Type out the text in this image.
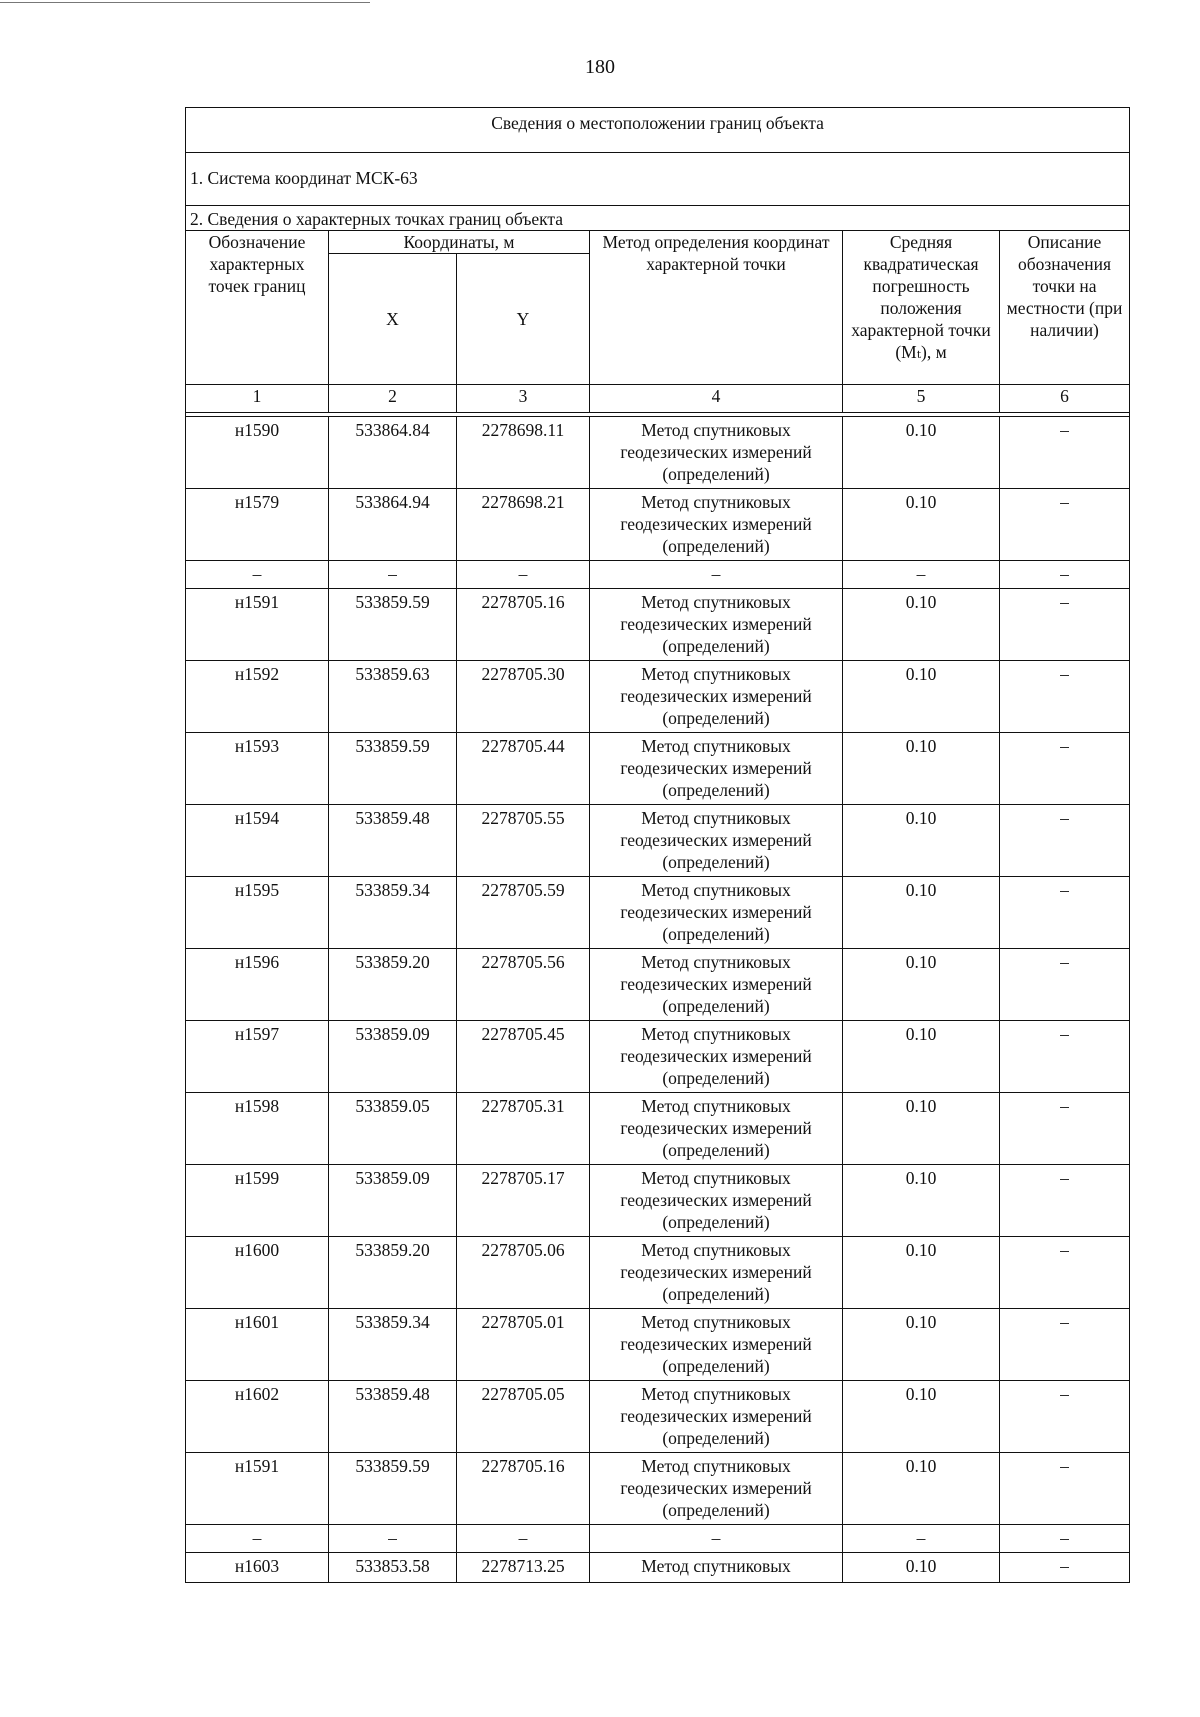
180
Сведения о местоположении границ объекта					
1. Система координат МСК-63					
2. Сведения о характерных точках границ объекта					
Обозначение характерных точек границ	Координаты, м		Метод определения координат характерной точки	Средняя квадратическая погрешность положения характерной точки (Mₜ), м	Описание обозначения точки на местности (при наличии)
	X	Y			
1	2	3	4	5	6

н1590	533864.84	2278698.11	Метод спутниковых геодезических измерений (определений)	0.10	–
н1579	533864.94	2278698.21	Метод спутниковых геодезических измерений (определений)	0.10	–
–	–	–	–	–	–
н1591	533859.59	2278705.16	Метод спутниковых геодезических измерений (определений)	0.10	–
н1592	533859.63	2278705.30	Метод спутниковых геодезических измерений (определений)	0.10	–
н1593	533859.59	2278705.44	Метод спутниковых геодезических измерений (определений)	0.10	–
н1594	533859.48	2278705.55	Метод спутниковых геодезических измерений (определений)	0.10	–
н1595	533859.34	2278705.59	Метод спутниковых геодезических измерений (определений)	0.10	–
н1596	533859.20	2278705.56	Метод спутниковых геодезических измерений (определений)	0.10	–
н1597	533859.09	2278705.45	Метод спутниковых геодезических измерений (определений)	0.10	–
н1598	533859.05	2278705.31	Метод спутниковых геодезических измерений (определений)	0.10	–
н1599	533859.09	2278705.17	Метод спутниковых геодезических измерений (определений)	0.10	–
н1600	533859.20	2278705.06	Метод спутниковых геодезических измерений (определений)	0.10	–
н1601	533859.34	2278705.01	Метод спутниковых геодезических измерений (определений)	0.10	–
н1602	533859.48	2278705.05	Метод спутниковых геодезических измерений (определений)	0.10	–
н1591	533859.59	2278705.16	Метод спутниковых геодезических измерений (определений)	0.10	–
–	–	–	–	–	–
н1603	533853.58	2278713.25	Метод спутниковых	0.10	–
